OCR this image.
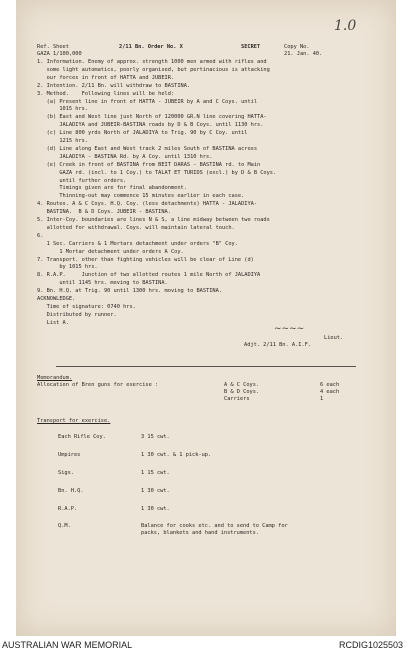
1.0
Ref. Sheet
GAZA 1/100,000
2/11 Bn. Order No. X	SECRET	Copy No.
21. Jan. 40.
1. Information. Enemy of approx. strength 1000 men armed with rifles and
some light automatics, poorly organised, but pertinacious is attacking
our forces in front of HATTA and JUBEIR.
2. Intention. 2/11 Bn. will withdraw to BASTINA.
3. Method.    Following lines will be held:
(a) Present line in front of HATTA - JUBEIR by A and C Coys. until
1015 hrs.
(b) East and West line just North of 120000 GR.N line covering HATTA-
JALADIYA and JUBEIR-BASTINA roads by D & B Coys. until 1130 hrs.
(c) Line 800 yrds North of JALADIYA to Trig. 90 by C Coy. until
1215 hrs.
(d) Line along East and West track 2 miles South of BASTINA across
JALADIYA - BASTINA Rd. by A Coy. until 1310 hrs.
(e) Creek in front of BASTINA from BEIT DARAS - BASTINA rd. to Main
GAZA rd. (incl. to 1 Coy.) to TALAT ET TURIDS (excl.) by D & B Coys.
until further orders.
Timings given are for final abandonment.
Thinning-out may commence 15 minutes earlier in each case.
4. Routes. A & C Coys. H.Q. Coy. (less detachments) HATTA - JALADIYA-
BASTINA.  B & D Coys. JUBEIR - BASTINA.
5. Inter-Coy. boundaries are lines N & S, a line midway between two roads
allotted for withdrawal. Coys. will maintain lateral touch.
6.
1 Sec. Carriers & 1 Mortars detachment under orders "B" Coy.
1 Mortar detachment under orders A Coy.
7. Transport. other than fighting vehicles will be clear of Line (d)
by 1015 hrs.
8. R.A.P.     Junction of two allotted routes 1 mile North of JALADIYA
until 1145 hrs. moving to BASTINA.
9. Bn. H.Q. at Trig. 90 until 1300 hrs. moving to BASTINA.
ACKNOWLEDGE.
Time of signature: 0740 hrs.
Distributed by runner.
List A.
Lieut.
Adjt. 2/11 Bn. A.I.F.
~~~~
Memorandum.
Allocation of Bren guns for exercise :	A & C Coys.	6 each
B & D Coys.	4 each
Carriers	1
Transport for exercise.
Each Rifle Coy.	3 15 cwt.
Umpires	1 30 cwt. & 1 pick-up.
Sigs.	1 15 cwt.
Bn. H.Q.	1 30 cwt.
R.A.P.	1 30 cwt.
Q.M.	Balance for cooks etc. and to send to Camp for
packs, blankets and hand instruments.
AUSTRALIAN WAR MEMORIAL	RCDIG1025503
